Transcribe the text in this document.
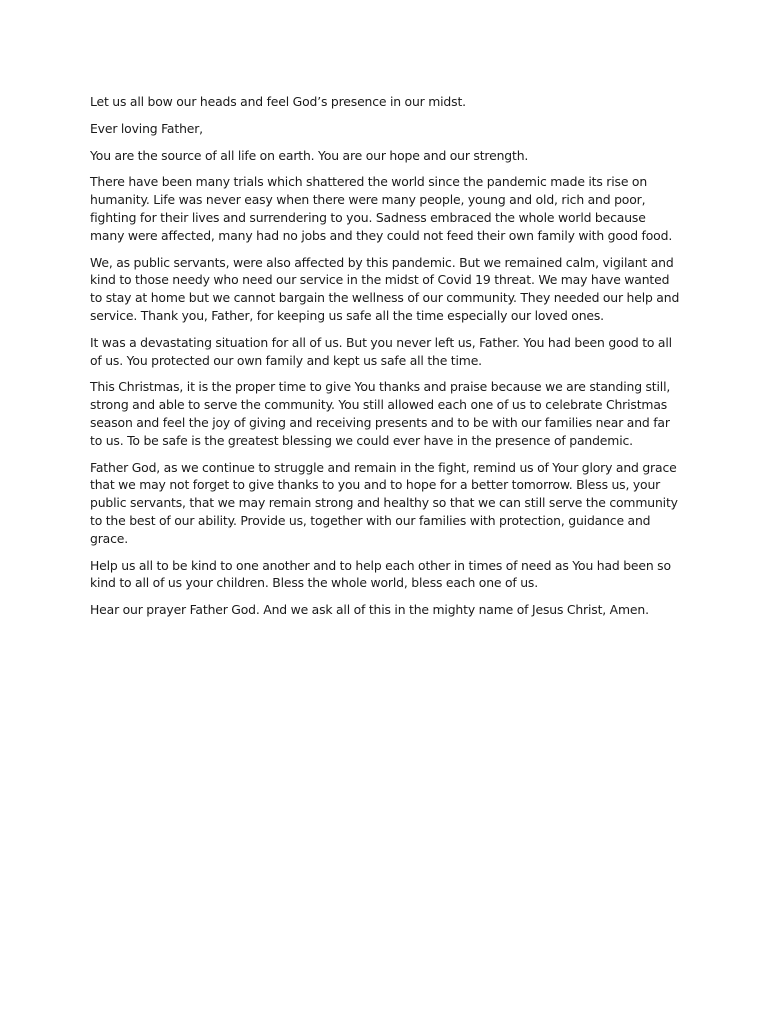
Let us all bow our heads and feel God’s presence in our midst.

Ever loving Father,

You are the source of all life on earth. You are our hope and our strength.

There have been many trials which shattered the world since the pandemic made its rise on humanity. Life was never easy when there were many people, young and old, rich and poor, fighting for their lives and surrendering to you. Sadness embraced the whole world because many were affected, many had no jobs and they could not feed their own family with good food.

We, as public servants, were also affected by this pandemic. But we remained calm, vigilant and kind to those needy who need our service in the midst of Covid 19 threat. We may have wanted to stay at home but we cannot bargain the wellness of our community. They needed our help and service. Thank you, Father, for keeping us safe all the time especially our loved ones.

It was a devastating situation for all of us. But you never left us, Father. You had been good to all of us. You protected our own family and kept us safe all the time.

This Christmas, it is the proper time to give You thanks and praise because we are standing still, strong and able to serve the community. You still allowed each one of us to celebrate Christmas season and feel the joy of giving and receiving presents and to be with our families near and far to us. To be safe is the greatest blessing we could ever have in the presence of pandemic.

Father God, as we continue to struggle and remain in the fight, remind us of Your glory and grace that we may not forget to give thanks to you and to hope for a better tomorrow. Bless us, your public servants, that we may remain strong and healthy so that we can still serve the community to the best of our ability. Provide us, together with our families with protection, guidance and grace.

Help us all to be kind to one another and to help each other in times of need as You had been so kind to all of us your children. Bless the whole world, bless each one of us.

Hear our prayer Father God. And we ask all of this in the mighty name of Jesus Christ, Amen.
